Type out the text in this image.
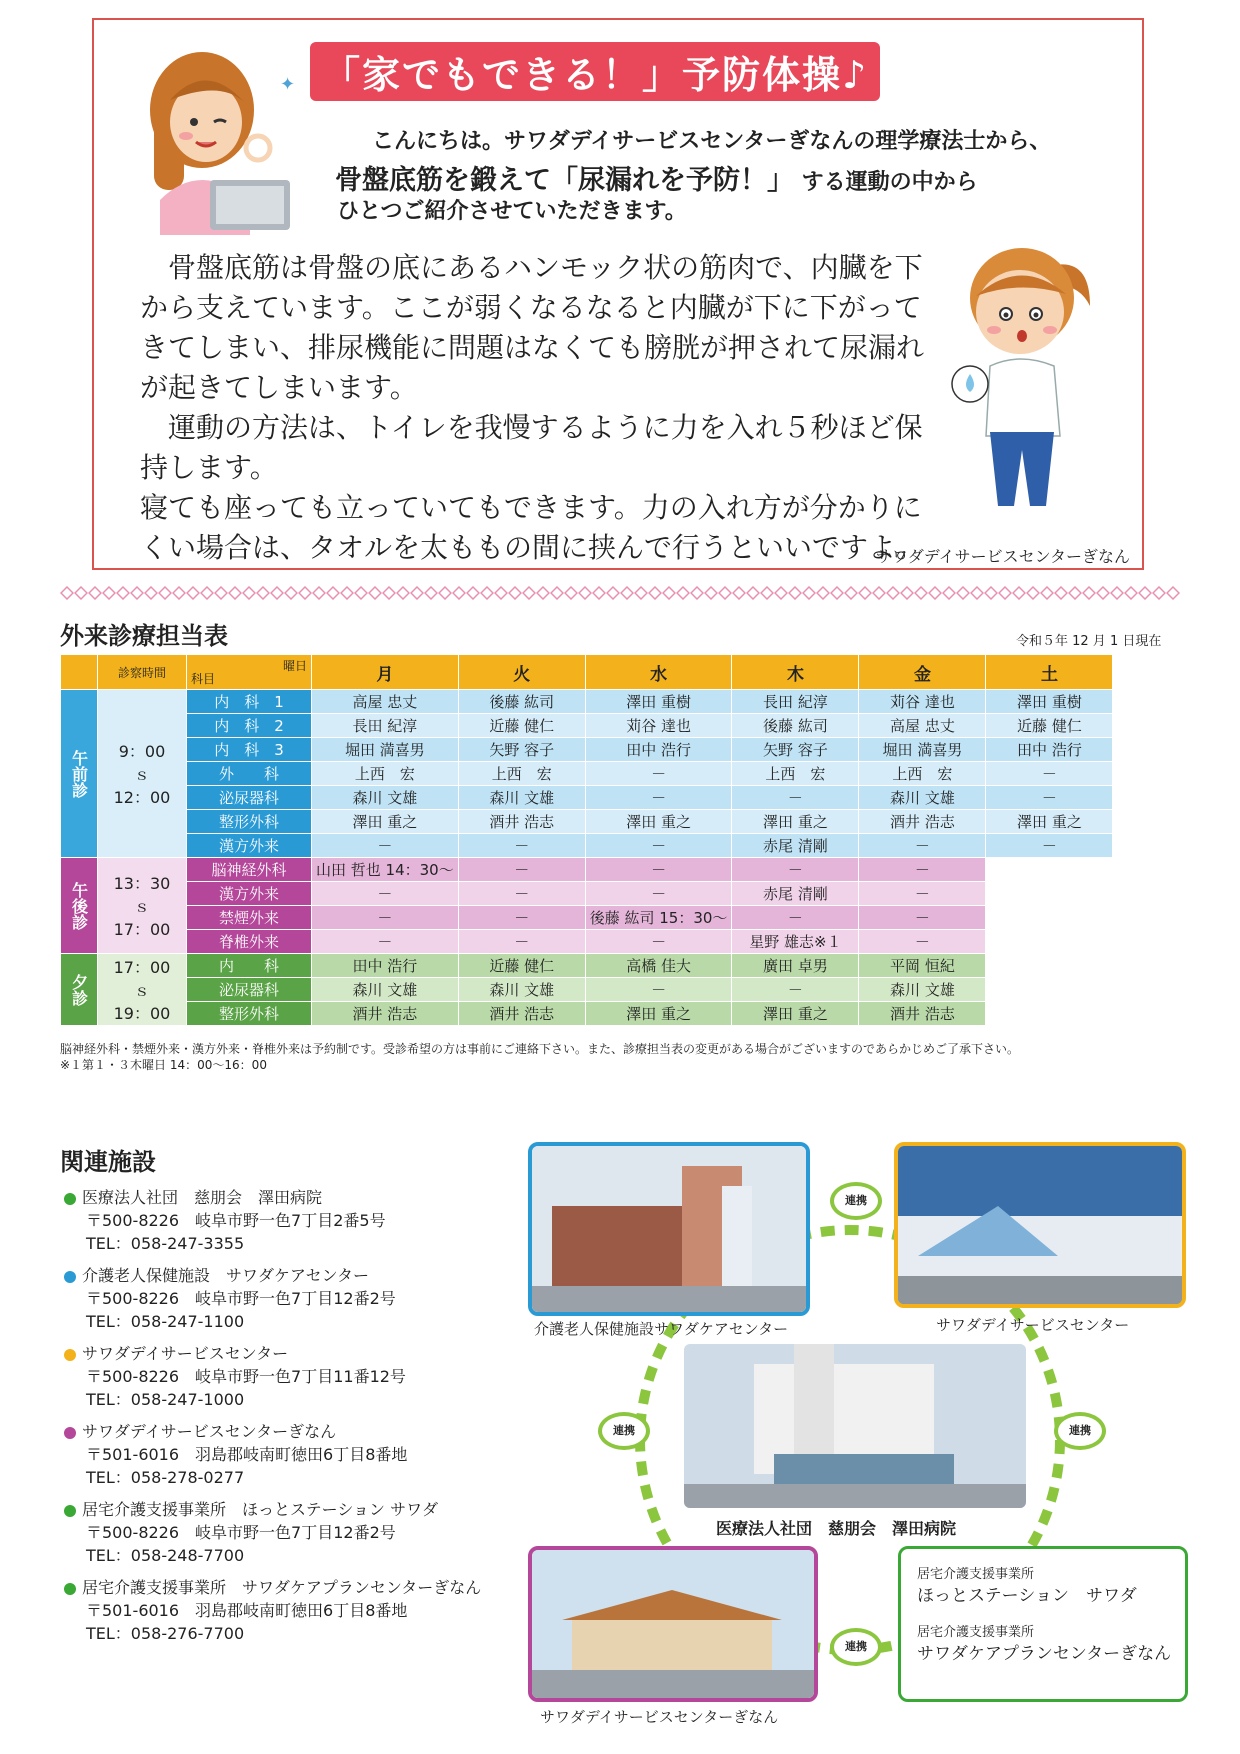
✦ 「家でもできる！」予防体操♪
こんにちは。サワダデイサービスセンターぎなんの理学療法士から、
骨盤底筋を鍛えて「尿漏れを予防！」 する運動の中から
ひとつご紹介させていただきます。

　骨盤底筋は骨盤の底にあるハンモック状の筋肉で、内臓を下から支えています。ここが弱くなるなると内臓が下に下がってきてしまい、排尿機能に問題はなくても膀胱が押されて尿漏れが起きてしまいます。

　運動の方法は、トイレを我慢するように力を入れ５秒ほど保持します。

寝ても座っても立っていてもできます。力の入れ方が分かりにくい場合は、タオルを太ももの間に挟んで行うといいですよ。

サワダデイサービスセンターぎなん
外来診療担当表	令和５年 12 月 1 日現在
	診察時間	曜日
科目	月	火	水	木	金	土
午前診	9：00
ｓ
12：00	内　科　1	高屋 忠丈	後藤 紘司	澤田 重樹	長田 紀淳	苅谷 達也	澤田 重樹
		内　科　2	長田 紀淳	近藤 健仁	苅谷 達也	後藤 紘司	高屋 忠丈	近藤 健仁
		内　科　3	堀田 満喜男	矢野 容子	田中 浩行	矢野 容子	堀田 満喜男	田中 浩行
		外　　科	上西　宏	上西　宏	－	上西　宏	上西　宏	－
		泌尿器科	森川 文雄	森川 文雄	－	－	森川 文雄	－
		整形外科	澤田 重之	酒井 浩志	澤田 重之	澤田 重之	酒井 浩志	澤田 重之
		漢方外来	－	－	－	赤尾 清剛	－	－
午後診	13：30
ｓ
17：00	脳神経外科	山田 哲也 14：30～	－	－	－	－	
		漢方外来	－	－	－	赤尾 清剛	－	
		禁煙外来	－	－	後藤 紘司 15：30～	－	－	
		脊椎外来	－	－	－	星野 雄志※１	－	
夕診	17：00
ｓ
19：00	内　　科	田中 浩行	近藤 健仁	高橋 佳大	廣田 卓男	平岡 恒紀	
		泌尿器科	森川 文雄	森川 文雄	－	－	森川 文雄	
		整形外科	酒井 浩志	酒井 浩志	澤田 重之	澤田 重之	酒井 浩志	
脳神経外科・禁煙外来・漢方外来・脊椎外来は予約制です。受診希望の方は事前にご連絡下さい。また、診療担当表の変更がある場合がございますのであらかじめご了承下さい。
※１第１・３木曜日 14：00～16：00
関連施設
医療法人社団　慈朋会　澤田病院
〒500-8226　岐阜市野一色7丁目2番5号
TEL：058-247-3355
介護老人保健施設　サワダケアセンター
〒500-8226　岐阜市野一色7丁目12番2号
TEL：058-247-1100
サワダデイサービスセンター
〒500-8226　岐阜市野一色7丁目11番12号
TEL：058-247-1000
サワダデイサービスセンターぎなん
〒501-6016　羽島郡岐南町徳田6丁目8番地
TEL：058-278-0277
居宅介護支援事業所　ほっとステーション サワダ
〒500-8226　岐阜市野一色7丁目12番2号
TEL：058-248-7700
居宅介護支援事業所　サワダケアプランセンターぎなん
〒501-6016　羽島郡岐南町徳田6丁目8番地
TEL：058-276-7700
介護老人保健施設サワダケアセンター	サワダデイサービスセンター
医療法人社団　慈朋会　澤田病院
サワダデイサービスセンターぎなん
居宅介護支援事業所
ほっとステーション　サワダ
居宅介護支援事業所
サワダケアプランセンターぎなん
連携
連携	連携
連携
